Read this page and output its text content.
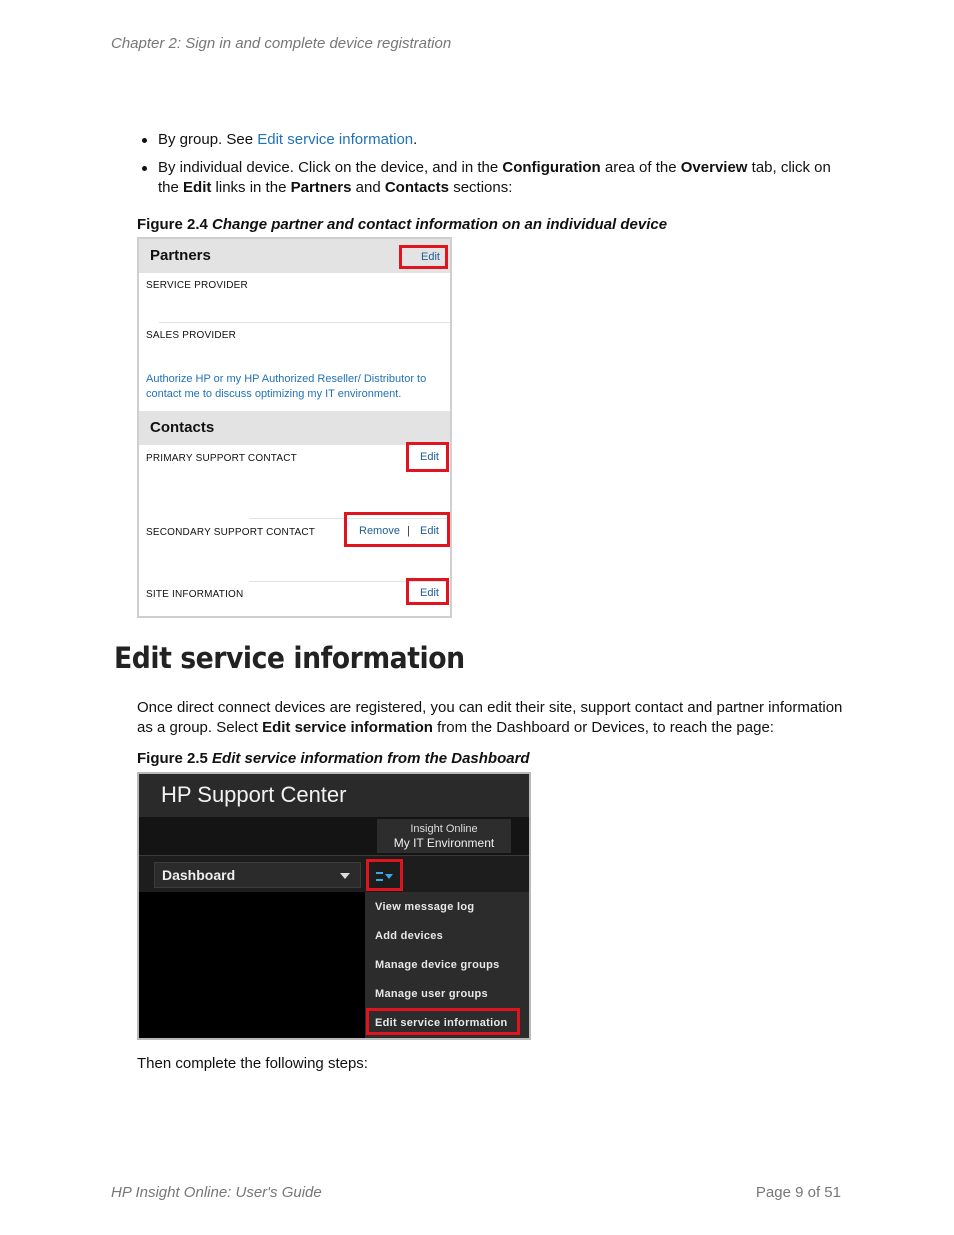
Chapter 2: Sign in and complete device registration
By group. See Edit service information.
By individual device. Click on the device, and in the Configuration area of the Overview tab, click on
the Edit links in the Partners and Contacts sections:
Figure 2.4 Change partner and contact information on an individual device
Partners	Edit
SERVICE PROVIDER
SALES PROVIDER
Authorize HP or my HP Authorized Reseller/ Distributor to contact me to discuss optimizing my IT environment.
Contacts
PRIMARY SUPPORT CONTACT	Edit
SECONDARY SUPPORT CONTACT	Remove | Edit
SITE INFORMATION	Edit
Edit service information
Once direct connect devices are registered, you can edit their site, support contact and partner information
as a group. Select Edit service information from the Dashboard or Devices, to reach the page:
Figure 2.5 Edit service information from the Dashboard
HP Support Center
Insight Online
My IT Environment
Dashboard
View message log
Add devices
Manage device groups
Manage user groups
Edit service information
Then complete the following steps:
HP Insight Online: User's Guide	Page 9 of 51
